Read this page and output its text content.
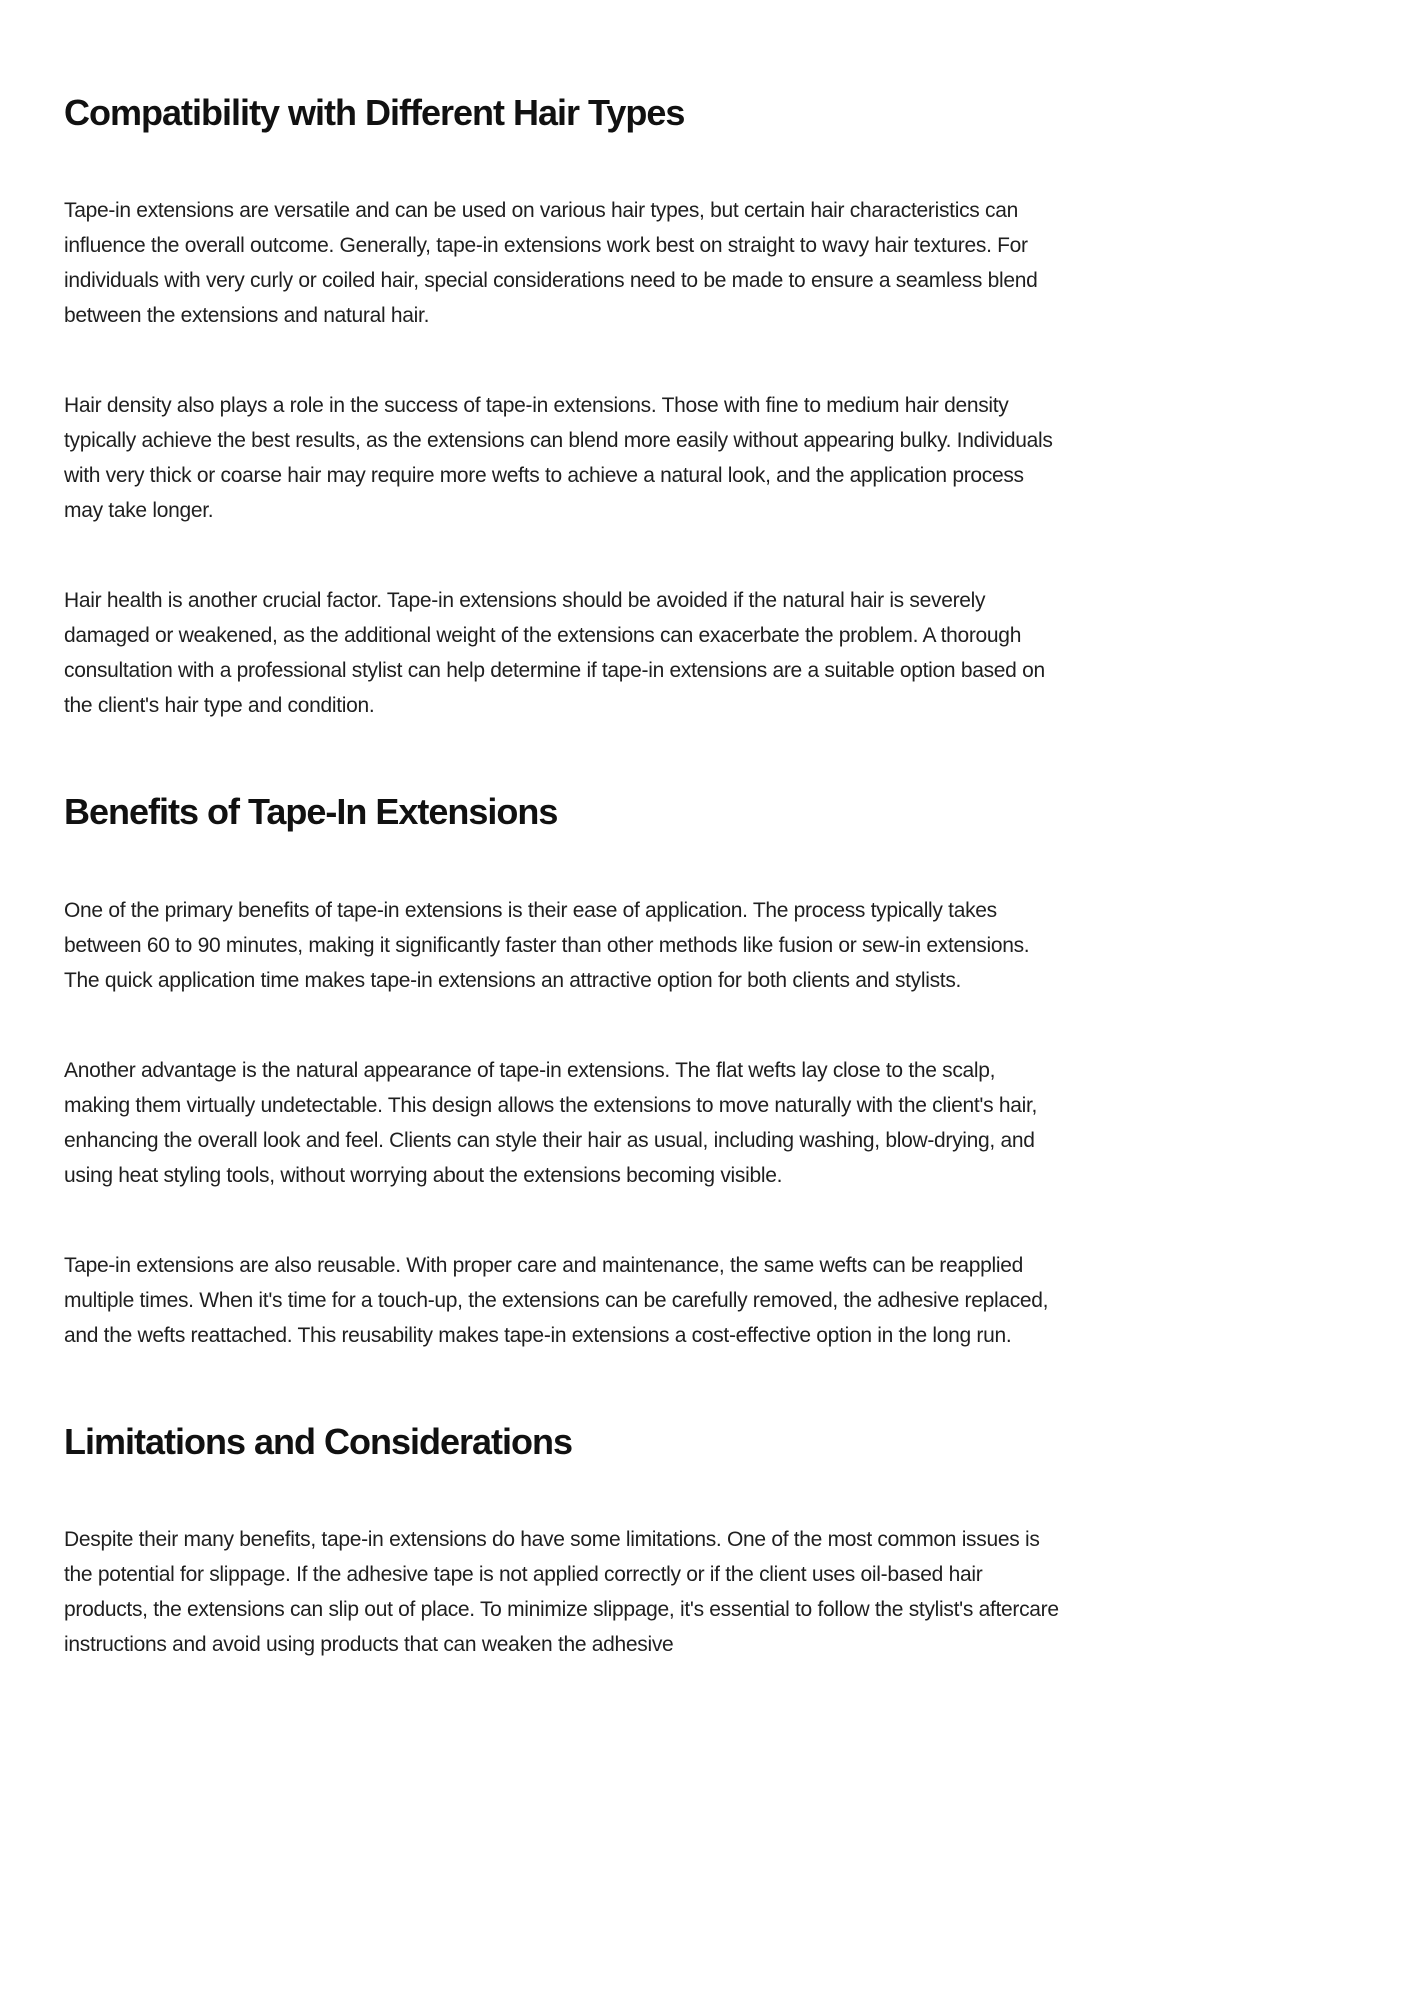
Compatibility with Different Hair Types

Tape-in extensions are versatile and can be used on various hair types, but certain hair characteristics can influence the overall outcome. Generally, tape-in extensions work best on straight to wavy hair textures. For individuals with very curly or coiled hair, special considerations need to be made to ensure a seamless blend between the extensions and natural hair.

Hair density also plays a role in the success of tape-in extensions. Those with fine to medium hair density typically achieve the best results, as the extensions can blend more easily without appearing bulky. Individuals with very thick or coarse hair may require more wefts to achieve a natural look, and the application process may take longer.

Hair health is another crucial factor. Tape-in extensions should be avoided if the natural hair is severely damaged or weakened, as the additional weight of the extensions can exacerbate the problem. A thorough consultation with a professional stylist can help determine if tape-in extensions are a suitable option based on the client's hair type and condition.

Benefits of Tape-In Extensions

One of the primary benefits of tape-in extensions is their ease of application. The process typically takes between 60 to 90 minutes, making it significantly faster than other methods like fusion or sew-in extensions. The quick application time makes tape-in extensions an attractive option for both clients and stylists.

Another advantage is the natural appearance of tape-in extensions. The flat wefts lay close to the scalp, making them virtually undetectable. This design allows the extensions to move naturally with the client's hair, enhancing the overall look and feel. Clients can style their hair as usual, including washing, blow-drying, and using heat styling tools, without worrying about the extensions becoming visible.

Tape-in extensions are also reusable. With proper care and maintenance, the same wefts can be reapplied multiple times. When it's time for a touch-up, the extensions can be carefully removed, the adhesive replaced, and the wefts reattached. This reusability makes tape-in extensions a cost-effective option in the long run.

Limitations and Considerations

Despite their many benefits, tape-in extensions do have some limitations. One of the most common issues is the potential for slippage. If the adhesive tape is not applied correctly or if the client uses oil-based hair products, the extensions can slip out of place. To minimize slippage, it's essential to follow the stylist's aftercare instructions and avoid using products that can weaken the adhesive
